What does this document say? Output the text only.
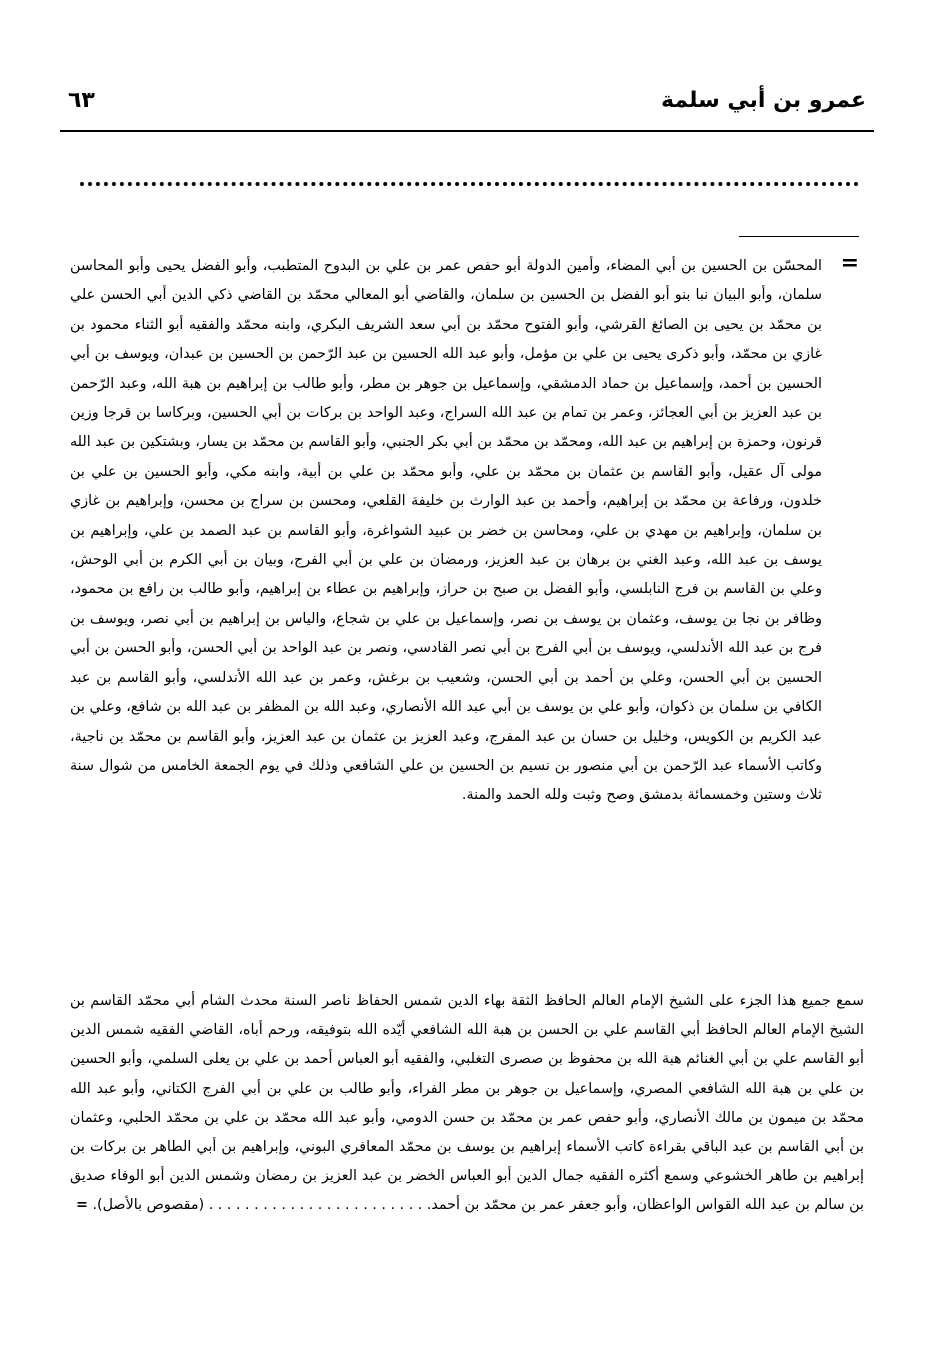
عمرو بن أبي سلمة
٦٣
=

المحسّن بن الحسين بن أبي المضاء، وأمين الدولة أبو حفص عمر بن علي بن البدوح المتطبب، وأبو الفضل يحيى وأبو المحاسن سلمان، وأبو البيان نبا بنو أبو الفضل بن الحسين بن سلمان، والقاضي أبو المعالي محمّد بن القاضي ذكي الدين أبي الحسن علي بن محمّد بن يحيى بن الصائغ القرشي، وأبو الفتوح محمّد بن أبي سعد الشريف البكري، وابنه محمّد والفقيه أبو الثناء محمود بن غازي بن محمّد، وأبو ذكرى يحيى بن علي بن مؤمل، وأبو عبد الله الحسين بن عبد الرّحمن بن الحسين بن عبدان، ويوسف بن أبي الحسين بن أحمد، وإسماعيل بن حماد الدمشقي، وإسماعيل بن جوهر بن مطر، وأبو طالب بن إبراهيم بن هبة الله، وعبد الرّحمن بن عبد العزيز بن أبي العجائز، وعمر بن تمام بن عبد الله السراج، وعبد الواحد بن بركات بن أبي الحسين، وبركاسا بن قرجا وزين قرنون، وحمزة بن إبراهيم بن عبد الله، ومحمّد بن محمّد بن أبي بكر الجنبي، وأبو القاسم بن محمّد بن يسار، وبشتكين بن عبد الله مولى آل عقيل، وأبو القاسم بن عثمان بن محمّد بن علي، وأبو محمّد بن علي بن أبية، وابنه مكي، وأبو الحسين بن علي بن خلدون، ورفاعة بن محمّد بن إبراهيم، وأحمد بن عبد الوارث بن خليفة القلعي، ومحسن بن سراج بن محسن، وإبراهيم بن غازي بن سلمان، وإبراهيم بن مهدي بن علي، ومحاسن بن خضر بن عبيد الشواغرة، وأبو القاسم بن عبد الصمد بن علي، وإبراهيم بن يوسف بن عبد الله، وعبد الغني بن برهان بن عبد العزيز، ورمضان بن علي بن أبي الفرج، وبيان بن أبي الكرم بن أبي الوحش، وعلي بن القاسم بن فرج النابلسي، وأبو الفضل بن صبح بن حراز، وإبراهيم بن عطاء بن إبراهيم، وأبو طالب بن رافع بن محمود، وظافر بن نجا بن يوسف، وعثمان بن يوسف بن نصر، وإسماعيل بن علي بن شجاع، والياس بن إبراهيم بن أبي نصر، ويوسف بن فرج بن عبد الله الأندلسي، ويوسف بن أبي الفرج بن أبي نصر القادسي، ونصر بن عبد الواحد بن أبي الحسن، وأبو الحسن بن أبي الحسين بن أبي الحسن، وعلي بن أحمد بن أبي الحسن، وشعيب بن برغش، وعمر بن عبد الله الأندلسي، وأبو القاسم بن عبد الكافي بن سلمان بن ذكوان، وأبو علي بن يوسف بن أبي عبد الله الأنصاري، وعبد الله بن المظفر بن عبد الله بن شافع، وعلي بن عبد الكريم بن الكويس، وخليل بن حسان بن عبد المفرج، وعبد العزيز بن عثمان بن عبد العزيز، وأبو القاسم بن محمّد بن ناجية، وكاتب الأسماء عبد الرّحمن بن أبي منصور بن نسيم بن الحسين بن علي الشافعي وذلك في يوم الجمعة الخامس من شوال سنة ثلاث وستين وخمسمائة بدمشق وصح وثبت ولله الحمد والمنة.

سمع جميع هذا الجزء على الشيخ الإمام العالم الحافظ الثقة بهاء الدين شمس الحفاظ ناصر السنة محدث الشام أبي محمّد القاسم بن الشيخ الإمام العالم الحافظ أبي القاسم علي بن الحسن بن هبة الله الشافعي أيّده الله بتوفيقه، ورحم أباه، القاضي الفقيه شمس الدين أبو القاسم علي بن أبي الغنائم هبة الله بن محفوظ بن صصرى التغلبي، والفقيه أبو العباس أحمد بن علي بن يعلى السلمي، وأبو الحسين بن علي بن هبة الله الشافعي المصري، وإسماعيل بن جوهر بن مطر الفراء، وأبو طالب بن علي بن أبي الفرج الكتاني، وأبو عبد الله محمّد بن ميمون بن مالك الأنصاري، وأبو حفص عمر بن محمّد بن حسن الدومي، وأبو عبد الله محمّد بن علي بن محمّد الحلبي، وعثمان بن أبي القاسم بن عبد الباقي بقراءة كاتب الأسماء إبراهيم بن يوسف بن محمّد المعافري البوني، وإبراهيم بن أبي الطاهر بن بركات بن إبراهيم بن طاهر الخشوعي وسمع أكثره الفقيه جمال الدين أبو العباس الخضر بن عبد العزيز بن رمضان وشمس الدين أبو الوفاء صديق بن سالم بن عبد الله القواس الواعظان، وأبو جعفر عمر بن محمّد بن أحمد. . . . . . . . . . . . . . . . . . . . . . . . . (مقصوص بالأصل). =
